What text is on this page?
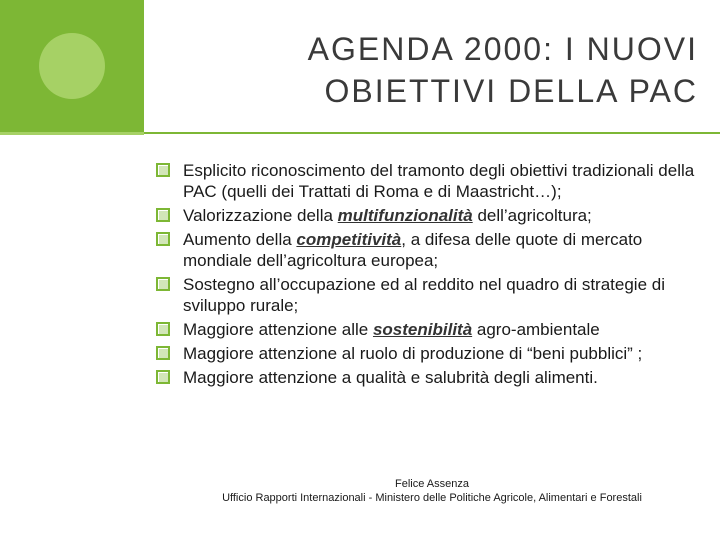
AGENDA 2000: I NUOVI
OBIETTIVI DELLA PAC
Esplicito riconoscimento del tramonto degli obiettivi tradizionali della PAC (quelli dei Trattati di Roma e di Maastricht…);
Valorizzazione della multifunzionalità dell’agricoltura;
Aumento della competitività, a difesa delle quote di mercato mondiale dell’agricoltura europea;
Sostegno all’occupazione ed al reddito nel quadro di strategie di sviluppo rurale;
Maggiore attenzione alle sostenibilità agro-ambientale
Maggiore attenzione al ruolo di produzione di “beni pubblici” ;
Maggiore attenzione a qualità e salubrità degli alimenti.
Felice Assenza
Ufficio Rapporti Internazionali - Ministero delle Politiche Agricole, Alimentari e Forestali
